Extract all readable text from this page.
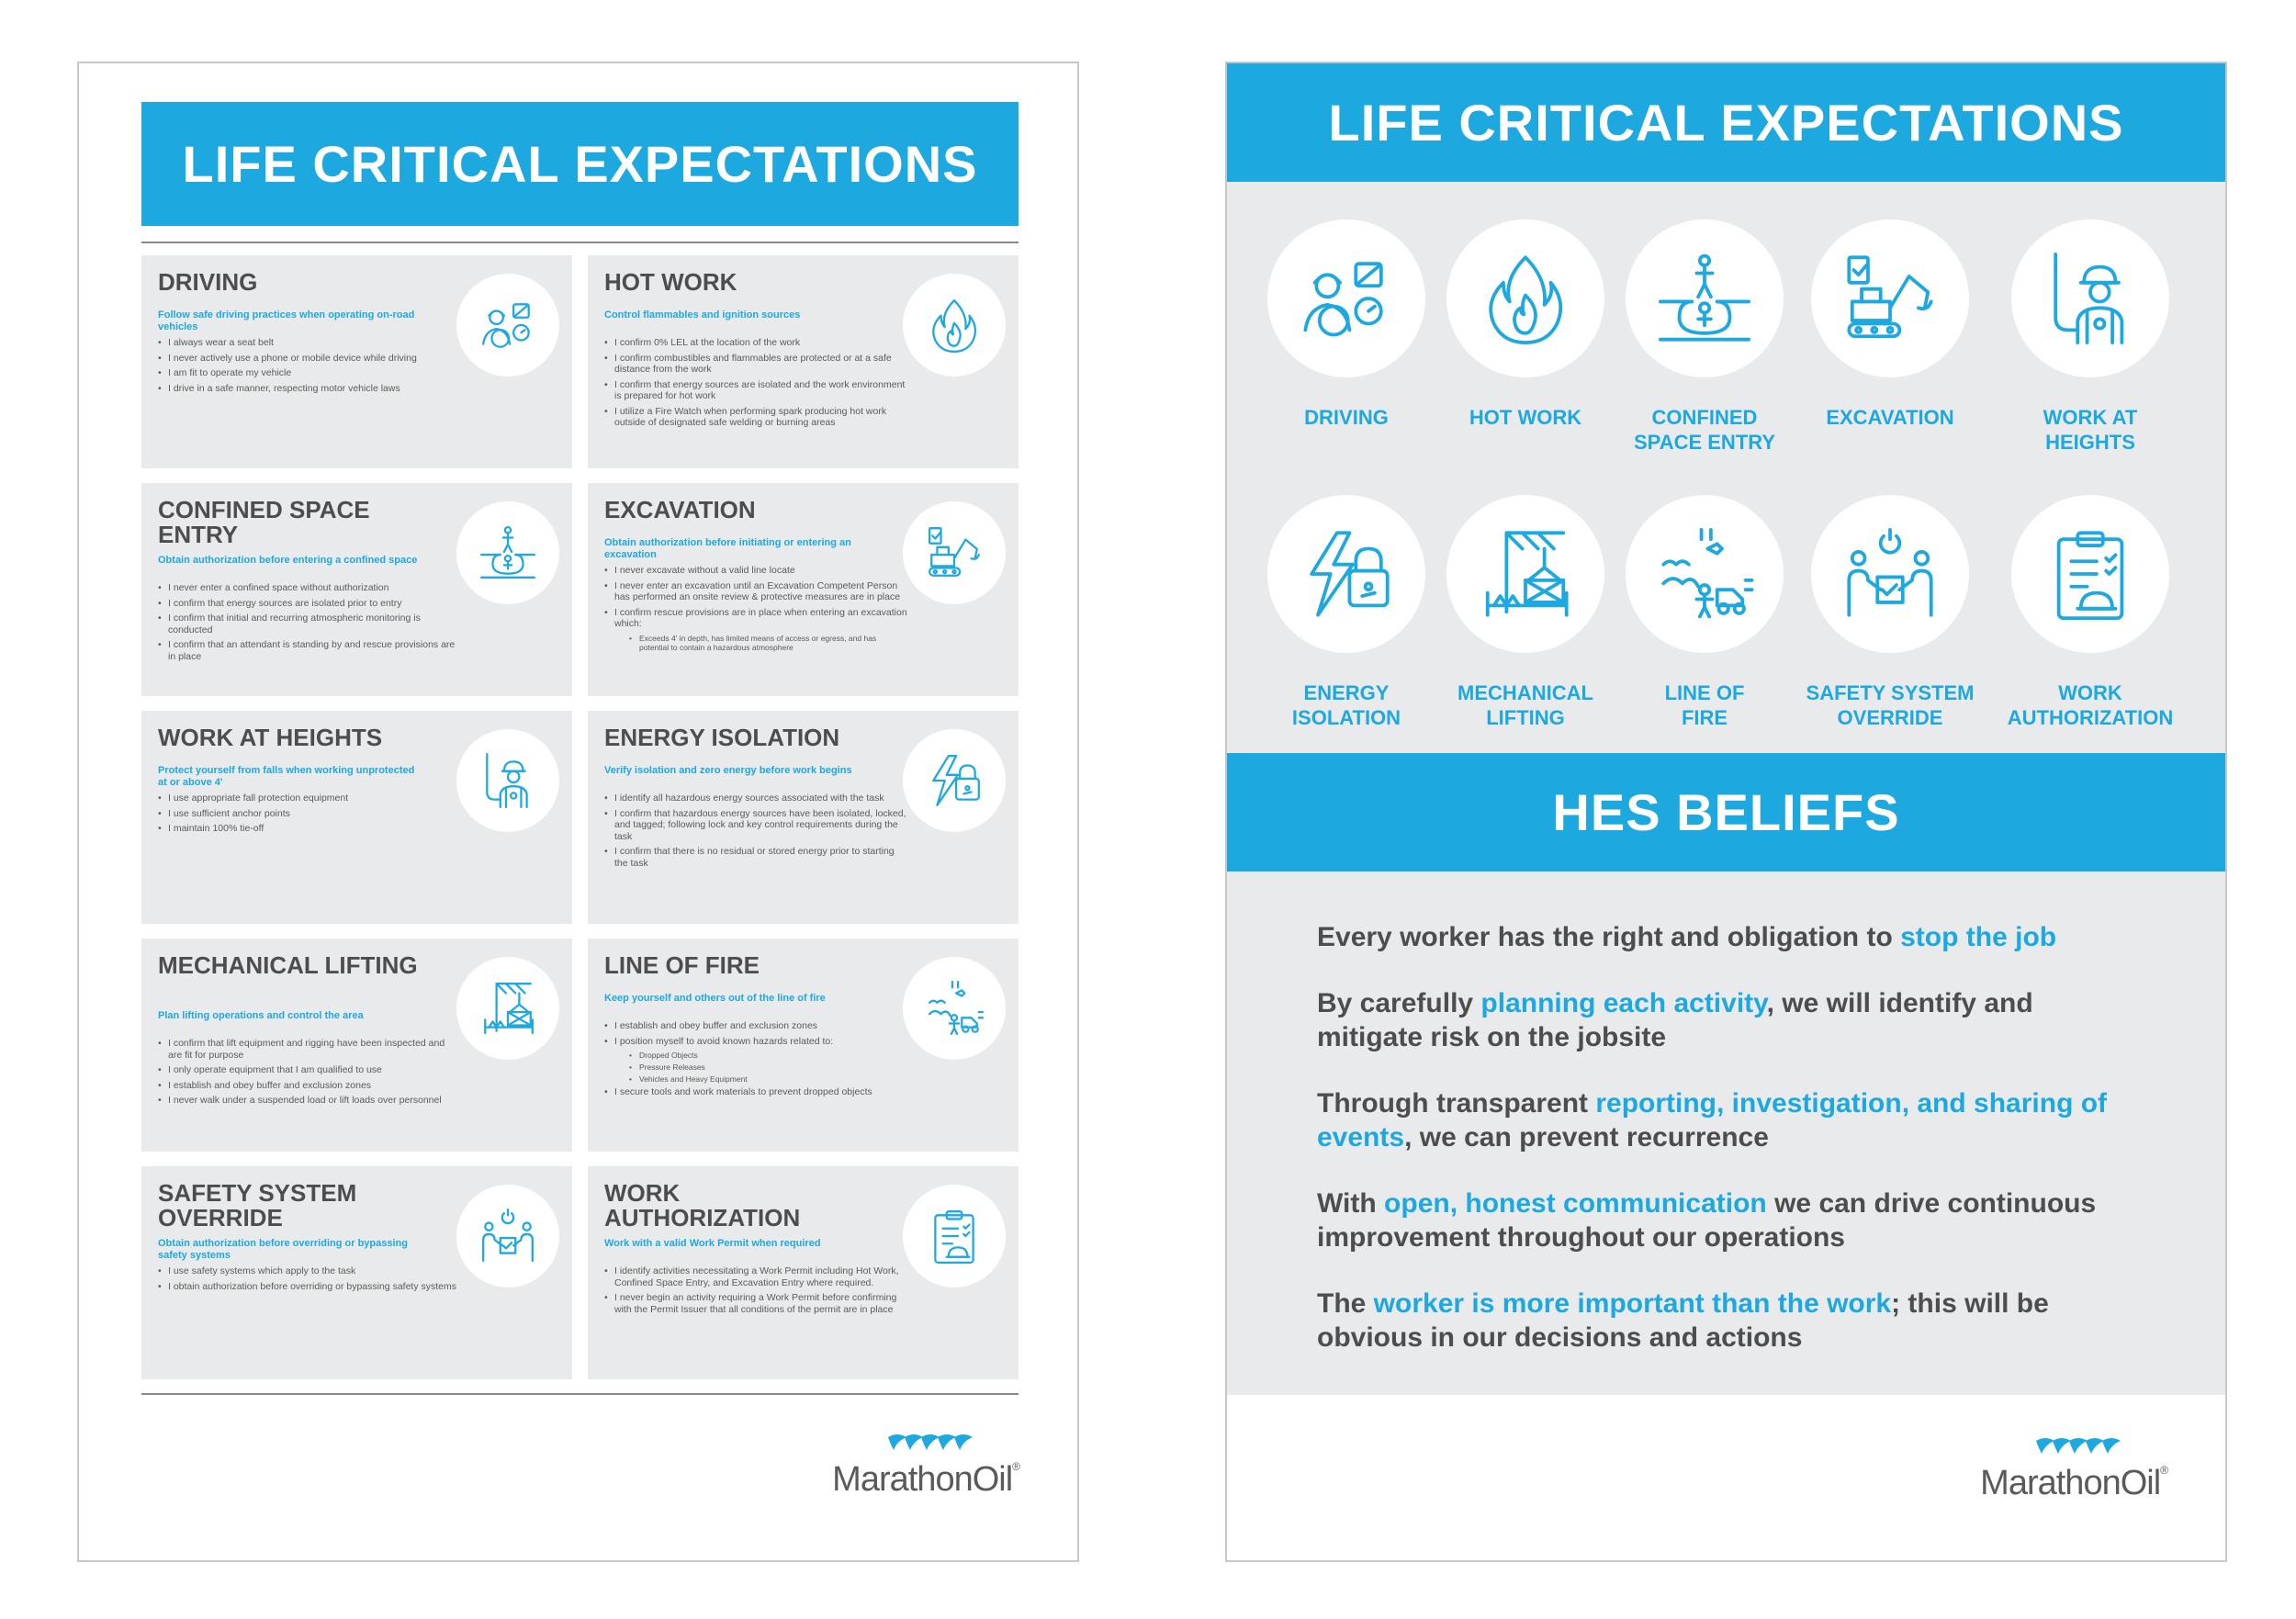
LIFE CRITICAL EXPECTATIONS
DRIVING
Follow safe driving practices when operating on-road vehicles
• I always wear a seat belt
• I never actively use a phone or mobile device while driving
• I am fit to operate my vehicle
• I drive in a safe manner, respecting motor vehicle laws
HOT WORK
Control flammables and ignition sources
• I confirm 0% LEL at the location of the work
• I confirm combustibles and flammables are protected or at a safe distance from the work
• I confirm that energy sources are isolated and the work environment is prepared for hot work
• I utilize a Fire Watch when performing spark producing hot work outside of designated safe welding or burning areas
CONFINED SPACE ENTRY
Obtain authorization before entering a confined space
• I never enter a confined space without authorization
• I confirm that energy sources are isolated prior to entry
• I confirm that initial and recurring atmospheric monitoring is conducted
• I confirm that an attendant is standing by and rescue provisions are in place
EXCAVATION
Obtain authorization before initiating or entering an excavation
• I never excavate without a valid line locate
• I never enter an excavation until an Excavation Competent Person has performed an onsite review & protective measures are in place
• I confirm rescue provisions are in place when entering an excavation which:
• Exceeds 4' in depth, has limited means of access or egress, and has potential to contain a hazardous atmosphere
WORK AT HEIGHTS
Protect yourself from falls when working unprotected at or above 4'
• I use appropriate fall protection equipment
• I use sufficient anchor points
• I maintain 100% tie-off
ENERGY ISOLATION
Verify isolation and zero energy before work begins
• I identify all hazardous energy sources associated with the task
• I confirm that hazardous energy sources have been isolated, locked, and tagged; following lock and key control requirements during the task
• I confirm that there is no residual or stored energy prior to starting the task
MECHANICAL LIFTING
Plan lifting operations and control the area
• I confirm that lift equipment and rigging have been inspected and are fit for purpose
• I only operate equipment that I am qualified to use
• I establish and obey buffer and exclusion zones
• I never walk under a suspended load or lift loads over personnel
LINE OF FIRE
Keep yourself and others out of the line of fire
• I establish and obey buffer and exclusion zones
• I position myself to avoid known hazards related to:
• Dropped Objects
• Pressure Releases
• Vehicles and Heavy Equipment
• I secure tools and work materials to prevent dropped objects
SAFETY SYSTEM OVERRIDE
Obtain authorization before overriding or bypassing safety systems
• I use safety systems which apply to the task
• I obtain authorization before overriding or bypassing safety systems
WORK AUTHORIZATION
Work with a valid Work Permit when required
• I identify activities necessitating a Work Permit including Hot Work, Confined Space Entry, and Excavation Entry where required.
• I never begin an activity requiring a Work Permit before confirming with the Permit Issuer that all conditions of the permit are in place
MarathonOil®
LIFE CRITICAL EXPECTATIONS
DRIVING	HOT WORK	CONFINED
SPACE ENTRY
EXCAVATION	WORK AT
HEIGHTS
ENERGY
ISOLATION
MECHANICAL
LIFTING
LINE OF
FIRE
SAFETY SYSTEM
OVERRIDE
WORK
AUTHORIZATION
HES BELIEFS
Every worker has the right and obligation to stop the job
By carefully planning each activity, we will identify and mitigate risk on the jobsite
Through transparent reporting, investigation, and sharing of events, we can prevent recurrence
With open, honest communication we can drive continuous improvement throughout our operations
The worker is more important than the work; this will be obvious in our decisions and actions
MarathonOil®
